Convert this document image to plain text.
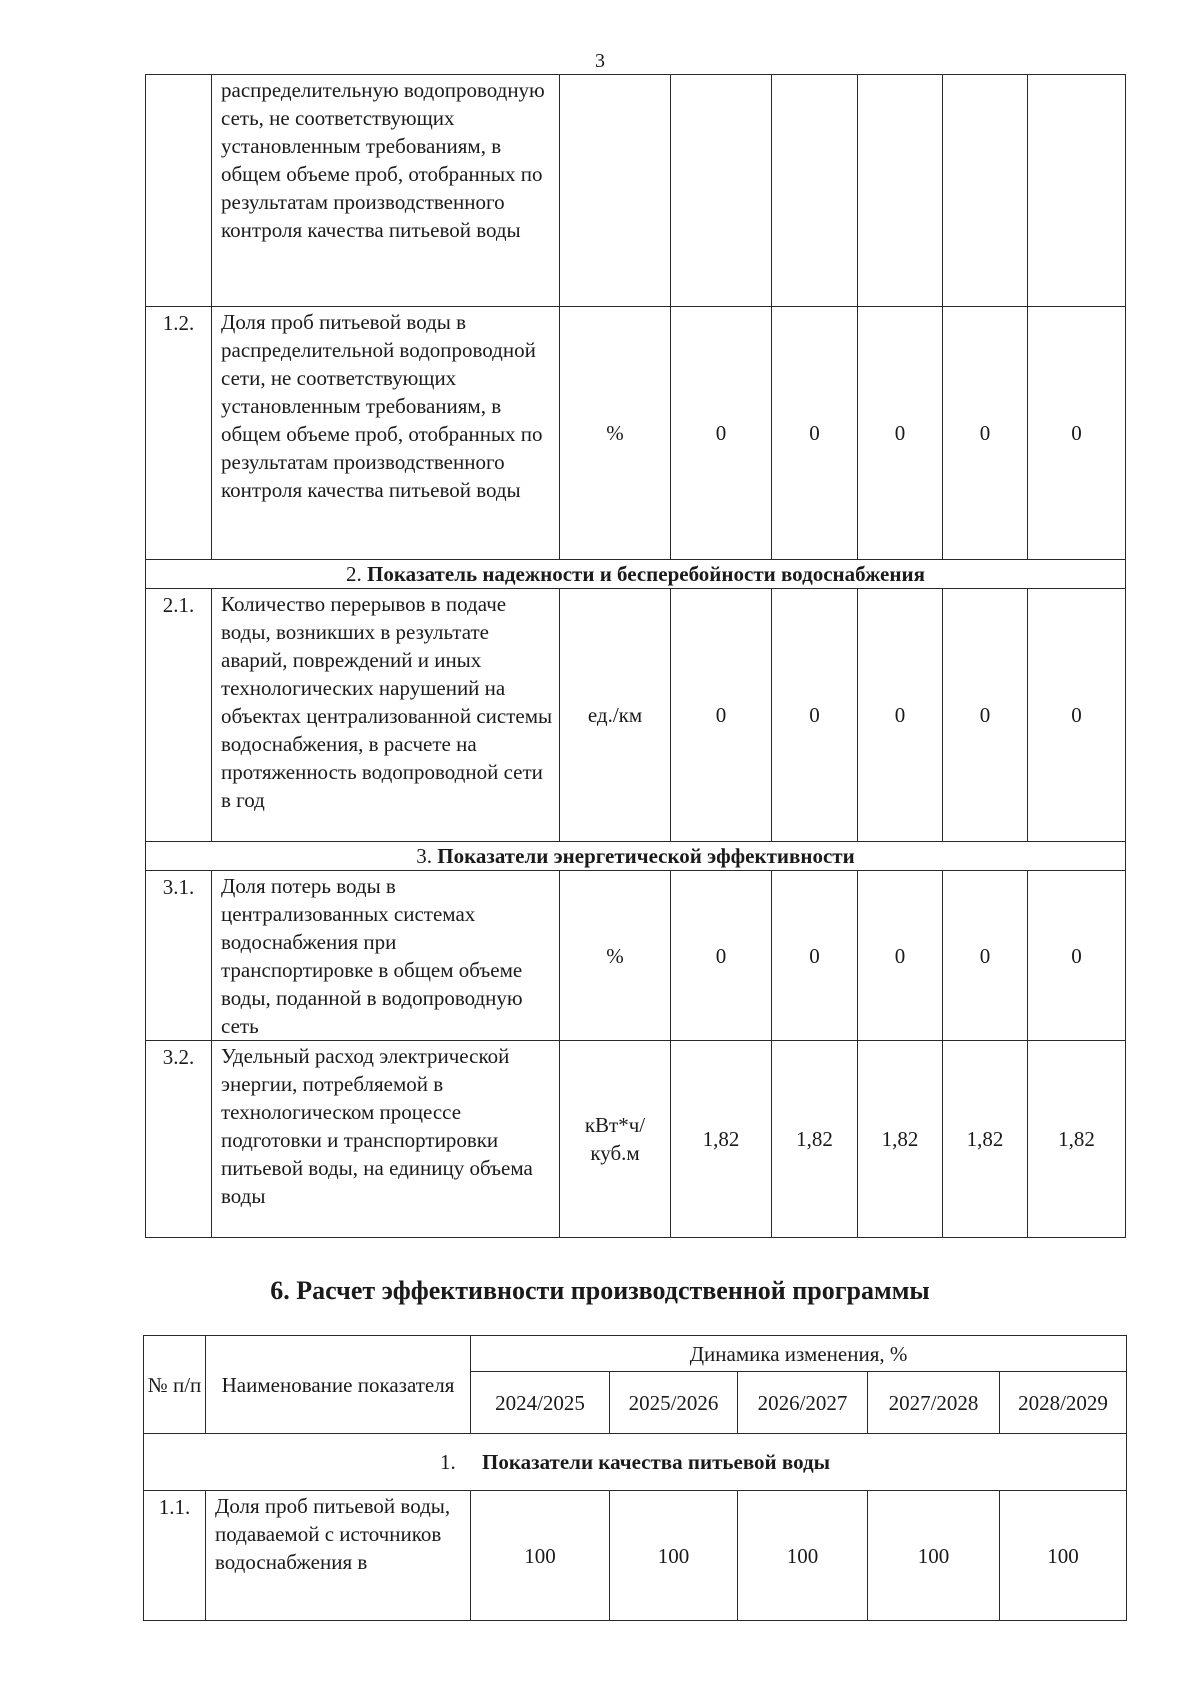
3
	распределительную водопроводную сеть, не соответствующих установленным требованиям, в общем объеме проб, отобранных по результатам производственного контроля качества питьевой воды						
1.2.	Доля проб питьевой воды в распределительной водопроводной сети, не соответствующих установленным требованиям, в общем объеме проб, отобранных по результатам производственного контроля качества питьевой воды	%	0	0	0	0	0
2. Показатель надежности и бесперебойности водоснабжения							
2.1.	Количество перерывов в подаче воды, возникших в результате аварий, повреждений и иных технологических нарушений на объектах централизованной системы водоснабжения, в расчете на протяженность водопроводной сети в год	ед./км	0	0	0	0	0
3. Показатели энергетической эффективности							
3.1.	Доля потерь воды в централизованных системах водоснабжения при транспортировке в общем объеме воды, поданной в водопроводную сеть	%	0	0	0	0	0
3.2.	Удельный расход электрической энергии, потребляемой в технологическом процессе подготовки и транспортировки питьевой воды, на единицу объема воды	кВт*ч/ куб.м	1,82	1,82	1,82	1,82	1,82
6. Расчет эффективности производственной программы
№ п/п	Наименование показателя	Динамика изменения, %				
		2024/2025	2025/2026	2026/2027	2027/2028	2028/2029
1. Показатели качества питьевой воды						
1.1.	Доля проб питьевой воды, подаваемой с источников водоснабжения в	100	100	100	100	100
